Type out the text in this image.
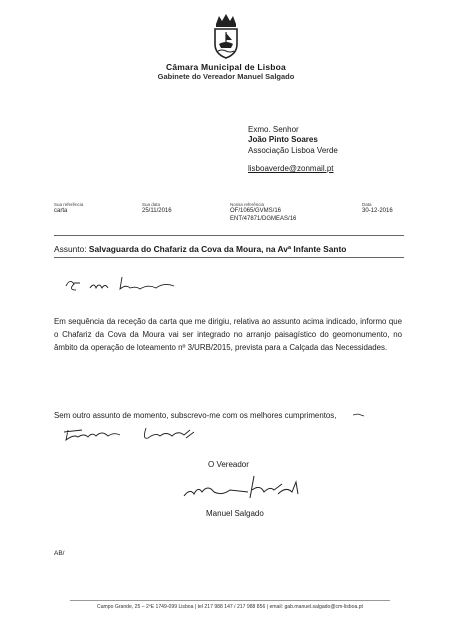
Câmara Municipal de Lisboa
Gabinete do Vereador Manuel Salgado
Exmo. Senhor
João Pinto Soares
Associação Lisboa Verde
lisboaverde@zonmail.pt
Sua referência
carta
Sua data
25/11/2016
Nossa referência
OF/1065/GVMS/16
ENT/47871/DGMEAS/16
Data
30-12-2016
Assunto: Salvaguarda do Chafariz da Cova da Moura, na Avª Infante Santo
Em sequência da receção da carta que me dirigiu, relativa ao assunto acima indicado, informo que o Chafariz da Cova da Moura vai ser integrado no arranjo paisagístico do geomonumento, no âmbito da operação de loteamento nº 3/URB/2015, prevista para a Calçada das Necessidades.
Sem outro assunto de momento, subscrevo-me com os melhores cumprimentos,
O Vereador
Manuel Salgado
AB/
Campo Grande, 25 – 2ºE 1749-099 Lisboa | tel 217 988 147 / 217 988 856 | email: gab.manuel.salgado@cm-lisboa.pt
